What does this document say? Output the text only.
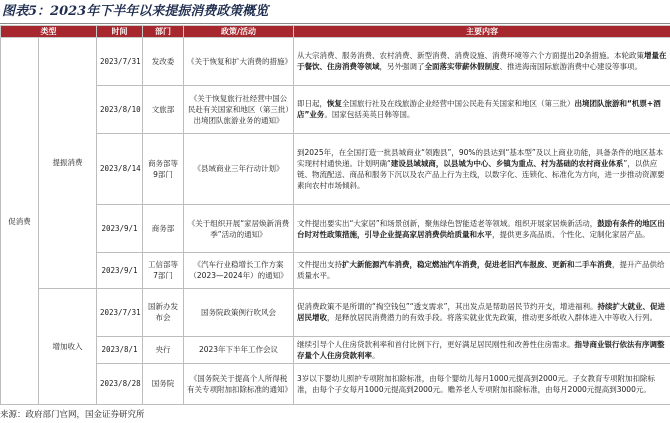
图表5：2023年下半年以来提振消费政策概览
类型		时间	部门	政策/活动	主要内容
促消费	提振消费	2023/7/31	发改委	《关于恢复和扩大消费的措施》	从大宗消费、服务消费、农村消费、新型消费、消费设施、消费环境等六个方面提出20条措施。本轮政策增量在于餐饮、住房消费等领域，另外强调了全面落实带薪休假制度、推进海南国际旅游消费中心建设等事项。
		2023/8/10	文旅部	《关于恢复旅行社经营中国公民赴有关国家和地区（第三批）出境团队旅游业务的通知》	即日起，恢复全国旅行社及在线旅游企业经营中国公民赴有关国家和地区（第三批）出境团队旅游和“机票+酒店”业务。国家包括美英日韩等国。
		2023/8/14	商务部等9部门	《县域商业三年行动计划》	到2025年，在全国打造一批县城商业“领跑县”，90%的县达到“基本型”及以上商业功能，具备条件的地区基本实现村村通快递。计划明确“建设县域城商，以县城为中心、乡镇为重点、村为基础的农村商业体系”，以供应链、物流配送、商品和服务下沉以及农产品上行为主线，以数字化、连锁化、标准化为方向，进一步推动资源要素向农村市场倾斜。
		2023/9/1	商务部	《关于组织开展“家居焕新消费季”活动的通知》	文件提出要实出“大家居”和场景创新，聚焦绿色智能适老等领域。组织开展家居焕新活动，鼓励有条件的地区出台时对性政策措施，引导企业提高家居消费供给质量和水平，提供更多高品质、个性化、定制化家居产品。
		2023/9/1	工信部等7部门	《汽车行业稳增长工作方案（2023—2024年）的通知》	文件提出支持扩大新能源汽车消费，稳定燃油汽车消费，促进老旧汽车报废、更新和二手车消费，提升产品供给质量水平。
	增加收入	2023/7/31	国新办发布会	国务院政策例行吹风会	促消费政策不是所谓的“掏空钱包”“透支需求”，其出发点是帮助居民节约开支，增进福利。持续扩大就业、促进居民增收，是释放居民消费潜力的有效手段。将落实就业优先政策，推动更多纸收入群体进入中等收入行列。
		2023/8/1	央行	2023年下半年工作会议	继续引导个人住房贷款利率和首付比例下行，更好满足居民刚性和改善性住房需求。指导商业银行依法有序调整存量个人住房贷款利率。
		2023/8/28	国务院	《国务院关于提高个人所得税有关专项附加扣除标准的通知》	3岁以下婴幼儿照护专项附加扣除标准，由每个婴幼儿每月1000元提高到2000元。子女教育专项附加扣除标准，由每个子女每月1000元提高到2000元。赡养老人专项附加扣除标准，由每月2000元提高到3000元。
来源：政府部门官网，国金证券研究所
